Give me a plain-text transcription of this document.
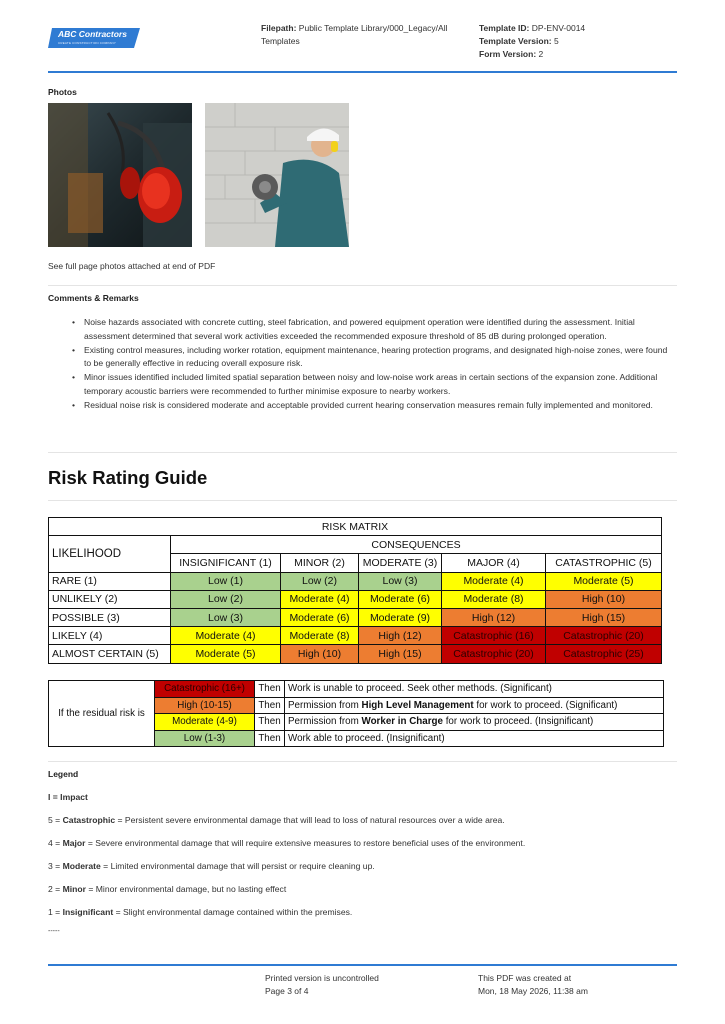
ABC Contractors
CREATE CONSTRUCTION COMPANY
Filepath: Public Template Library/000_Legacy/All Templates
Template ID: DP-ENV-0014
Template Version: 5
Form Version: 2
Photos
See full page photos attached at end of PDF
Comments & Remarks
• Noise hazards associated with concrete cutting, steel fabrication, and powered equipment operation were identified during the assessment. Initial assessment determined that several work activities exceeded the recommended exposure threshold of 85 dB during prolonged operation.
• Existing control measures, including worker rotation, equipment maintenance, hearing protection programs, and designated high-noise zones, were found to be generally effective in reducing overall exposure risk.
• Minor issues identified included limited spatial separation between noisy and low-noise work areas in certain sections of the expansion zone. Additional temporary acoustic barriers were recommended to further minimise exposure to nearby workers.
• Residual noise risk is considered moderate and acceptable provided current hearing conservation measures remain fully implemented and monitored.
Risk Rating Guide
RISK MATRIX					
LIKELIHOOD	CONSEQUENCES				
	INSIGNIFICANT (1)	MINOR (2)	MODERATE (3)	MAJOR (4)	CATASTROPHIC (5)
RARE (1)	Low (1)	Low (2)	Low (3)	Moderate (4)	Moderate (5)
UNLIKELY (2)	Low (2)	Moderate (4)	Moderate (6)	Moderate (8)	High (10)
POSSIBLE (3)	Low (3)	Moderate (6)	Moderate (9)	High (12)	High (15)
LIKELY (4)	Moderate (4)	Moderate (8)	High (12)	Catastrophic (16)	Catastrophic (20)
ALMOST CERTAIN (5)	Moderate (5)	High (10)	High (15)	Catastrophic (20)	Catastrophic (25)
If the residual risk is	Catastrophic (16+)	Then	Work is unable to proceed. Seek other methods. (Significant)
	High (10-15)	Then	Permission from High Level Management for work to proceed. (Significant)
	Moderate (4-9)	Then	Permission from Worker in Charge for work to proceed. (Insignificant)
	Low (1-3)	Then	Work able to proceed. (Insignificant)
Legend
I = Impact
5 = Catastrophic = Persistent severe environmental damage that will lead to loss of natural resources over a wide area.
4 = Major = Severe environmental damage that will require extensive measures to restore beneficial uses of the environment.
3 = Moderate = Limited environmental damage that will persist or require cleaning up.
2 = Minor = Minor environmental damage, but no lasting effect
1 = Insignificant = Slight environmental damage contained within the premises.
-----
Printed version is uncontrolled
Page 3 of 4
This PDF was created at
Mon, 18 May 2026, 11:38 am
